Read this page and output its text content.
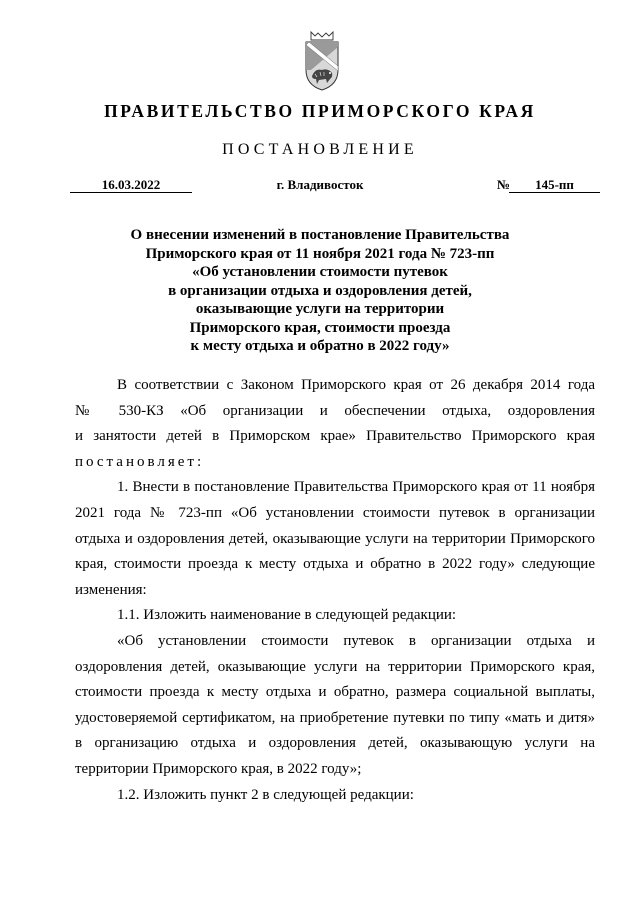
ПРАВИТЕЛЬСТВО ПРИМОРСКОГО КРАЯ
ПОСТАНОВЛЕНИЕ
16.03.2022	г. Владивосток	№	145-пп
О внесении изменений в постановление Правительства
Приморского края от 11 ноября 2021 года № 723-пп
«Об установлении стоимости путевок
в организации отдыха и оздоровления детей,
оказывающие услуги на территории
Приморского края, стоимости проезда
к месту отдыха и обратно в 2022 году»
В соответствии с Законом Приморского края от 26 декабря 2014 года
№ 530-КЗ «Об организации и обеспечении отдыха, оздоровления
и занятости детей в Приморском крае» Правительство Приморского края
постановляет:
1. Внести в постановление Правительства Приморского края от 11 ноября
2021 года № 723-пп «Об установлении стоимости путевок в организации
отдыха и оздоровления детей, оказывающие услуги на территории Приморского
края, стоимости проезда к месту отдыха и обратно в 2022 году» следующие
изменения:
1.1. Изложить наименование в следующей редакции:
«Об установлении стоимости путевок в организации отдыха и
оздоровления детей, оказывающие услуги на территории Приморского края,
стоимости проезда к месту отдыха и обратно, размера социальной выплаты,
удостоверяемой сертификатом, на приобретение путевки по типу «мать и дитя»
в организацию отдыха и оздоровления детей, оказывающую услуги на
территории Приморского края, в 2022 году»;
1.2. Изложить пункт 2 в следующей редакции:
